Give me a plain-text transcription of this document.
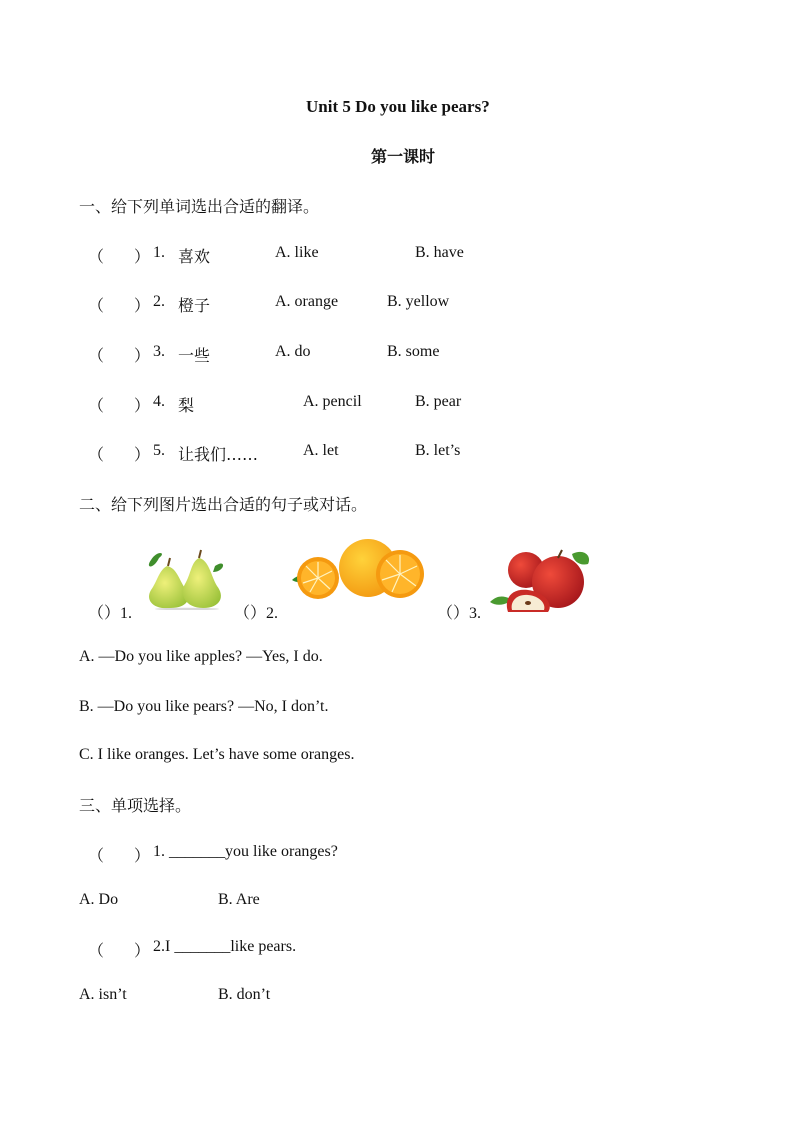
Unit 5 Do you like pears?
第一课时
一、给下列单词选出合适的翻译。
（ ） 1. 喜欢	A. like	B. have
（ ） 2. 橙子	A. orange	B. yellow
（ ） 3. 一些	A. do	B. some
（ ） 4. 梨	A. pencil	B. pear
（ ） 5. 让我们……	A. let	B. let’s
二、给下列图片选出合适的句子或对话。
（）1.	（）2.	（）3.
A. —Do you like apples? —Yes, I do.
B. —Do you like pears? —No, I don’t.
C. I like oranges. Let’s have some oranges.
三、单项选择。
（ ） 1. _______you like oranges?
A. Do	B. Are
（ ） 2.I _______like pears.
A. isn’t	B. don’t
